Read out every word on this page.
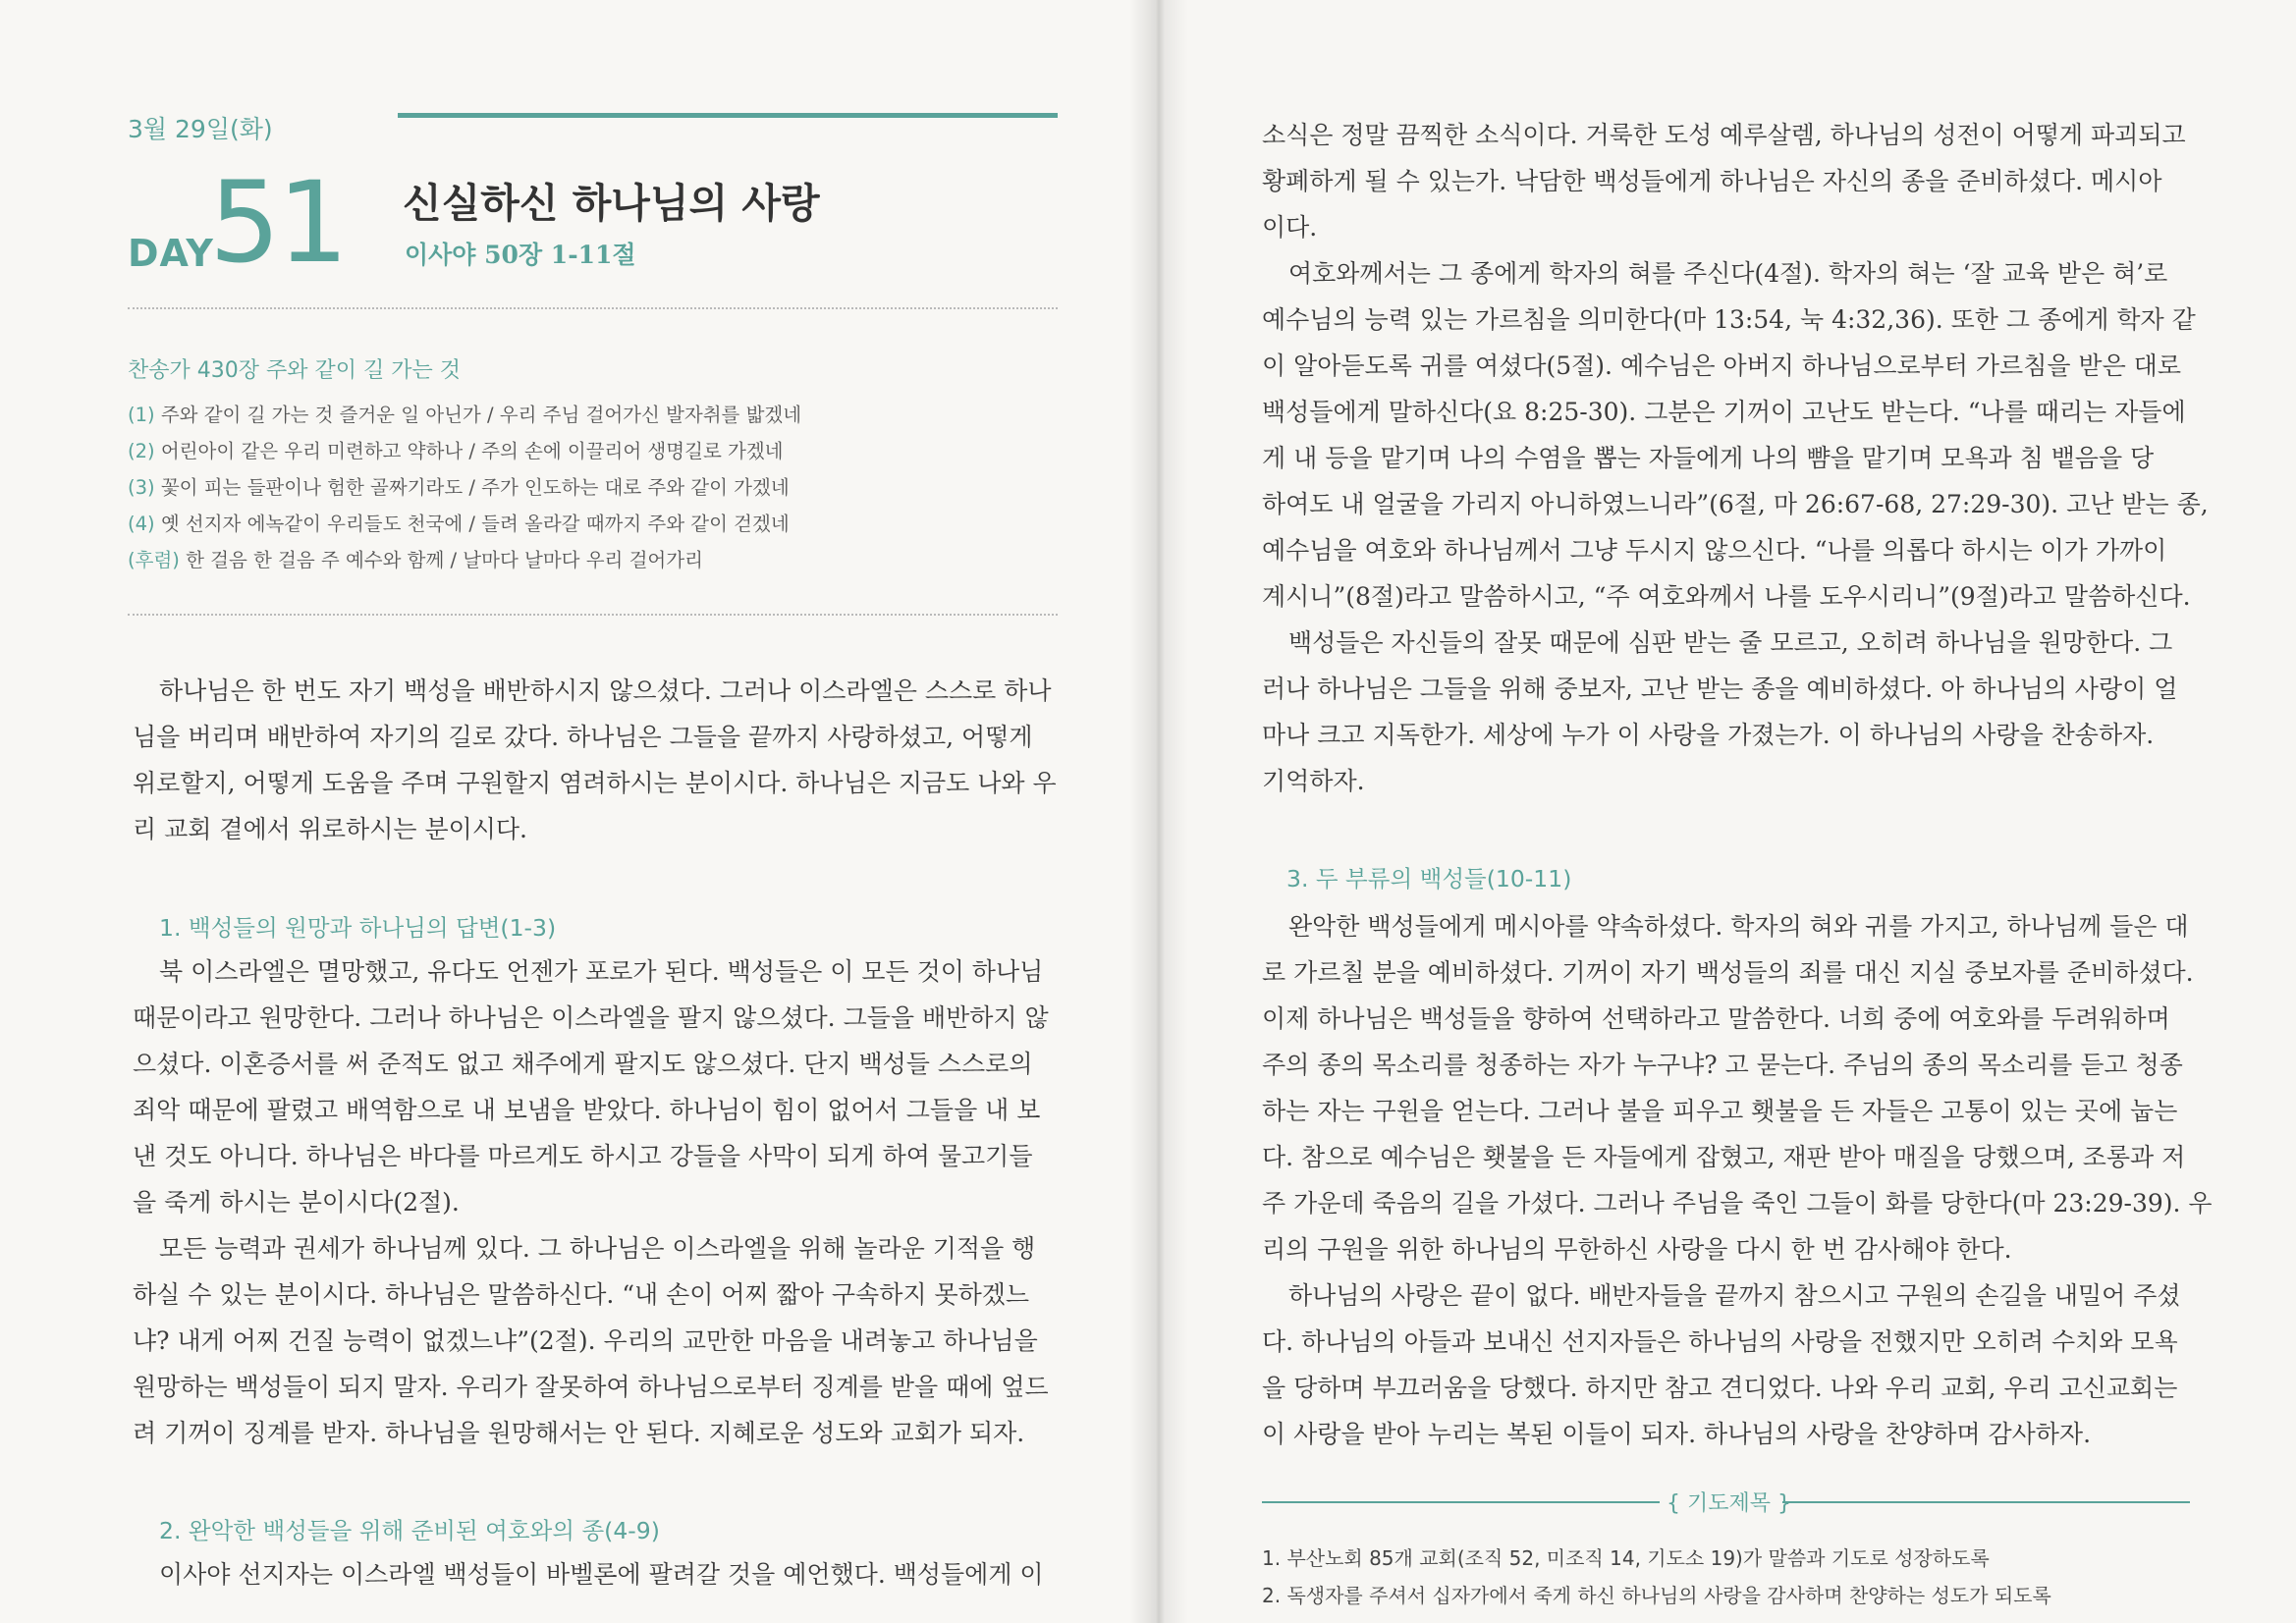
3월 29일(화)
DAY
51 신실하신 하나님의 사랑
이사야 50장 1-11절
찬송가 430장 주와 같이 길 가는 것
(1) 주와 같이 길 가는 것 즐거운 일 아닌가 / 우리 주님 걸어가신 발자취를 밟겠네
(2) 어린아이 같은 우리 미련하고 약하나 / 주의 손에 이끌리어 생명길로 가겠네
(3) 꽃이 피는 들판이나 험한 골짜기라도 / 주가 인도하는 대로 주와 같이 가겠네
(4) 옛 선지자 에녹같이 우리들도 천국에 / 들려 올라갈 때까지 주와 같이 걷겠네
(후렴) 한 걸음 한 걸음 주 예수와 함께 / 날마다 날마다 우리 걸어가리
하나님은 한 번도 자기 백성을 배반하시지 않으셨다. 그러나 이스라엘은 스스로 하나
님을 버리며 배반하여 자기의 길로 갔다. 하나님은 그들을 끝까지 사랑하셨고, 어떻게
위로할지, 어떻게 도움을 주며 구원할지 염려하시는 분이시다. 하나님은 지금도 나와 우
리 교회 곁에서 위로하시는 분이시다.
1. 백성들의 원망과 하나님의 답변(1-3)
북 이스라엘은 멸망했고, 유다도 언젠가 포로가 된다. 백성들은 이 모든 것이 하나님
때문이라고 원망한다. 그러나 하나님은 이스라엘을 팔지 않으셨다. 그들을 배반하지 않
으셨다. 이혼증서를 써 준적도 없고 채주에게 팔지도 않으셨다. 단지 백성들 스스로의
죄악 때문에 팔렸고 배역함으로 내 보냄을 받았다. 하나님이 힘이 없어서 그들을 내 보
낸 것도 아니다. 하나님은 바다를 마르게도 하시고 강들을 사막이 되게 하여 물고기들
을 죽게 하시는 분이시다(2절).
모든 능력과 권세가 하나님께 있다. 그 하나님은 이스라엘을 위해 놀라운 기적을 행
하실 수 있는 분이시다. 하나님은 말씀하신다. “내 손이 어찌 짧아 구속하지 못하겠느
냐? 내게 어찌 건질 능력이 없겠느냐”(2절). 우리의 교만한 마음을 내려놓고 하나님을
원망하는 백성들이 되지 말자. 우리가 잘못하여 하나님으로부터 징계를 받을 때에 엎드
려 기꺼이 징계를 받자. 하나님을 원망해서는 안 된다. 지혜로운 성도와 교회가 되자.
2. 완악한 백성들을 위해 준비된 여호와의 종(4-9)
이사야 선지자는 이스라엘 백성들이 바벨론에 팔려갈 것을 예언했다. 백성들에게 이
소식은 정말 끔찍한 소식이다. 거룩한 도성 예루살렘, 하나님의 성전이 어떻게 파괴되고
황폐하게 될 수 있는가. 낙담한 백성들에게 하나님은 자신의 종을 준비하셨다. 메시아
이다.
여호와께서는 그 종에게 학자의 혀를 주신다(4절). 학자의 혀는 ‘잘 교육 받은 혀’로
예수님의 능력 있는 가르침을 의미한다(마 13:54, 눅 4:32,36). 또한 그 종에게 학자 같
이 알아듣도록 귀를 여셨다(5절). 예수님은 아버지 하나님으로부터 가르침을 받은 대로
백성들에게 말하신다(요 8:25-30). 그분은 기꺼이 고난도 받는다. “나를 때리는 자들에
게 내 등을 맡기며 나의 수염을 뽑는 자들에게 나의 뺨을 맡기며 모욕과 침 뱉음을 당
하여도 내 얼굴을 가리지 아니하였느니라”(6절, 마 26:67-68, 27:29-30). 고난 받는 종,
예수님을 여호와 하나님께서 그냥 두시지 않으신다. “나를 의롭다 하시는 이가 가까이
계시니”(8절)라고 말씀하시고, “주 여호와께서 나를 도우시리니”(9절)라고 말씀하신다.
백성들은 자신들의 잘못 때문에 심판 받는 줄 모르고, 오히려 하나님을 원망한다. 그
러나 하나님은 그들을 위해 중보자, 고난 받는 종을 예비하셨다. 아 하나님의 사랑이 얼
마나 크고 지독한가. 세상에 누가 이 사랑을 가졌는가. 이 하나님의 사랑을 찬송하자.
기억하자.
3. 두 부류의 백성들(10-11)
완악한 백성들에게 메시아를 약속하셨다. 학자의 혀와 귀를 가지고, 하나님께 들은 대
로 가르칠 분을 예비하셨다. 기꺼이 자기 백성들의 죄를 대신 지실 중보자를 준비하셨다.
이제 하나님은 백성들을 향하여 선택하라고 말씀한다. 너희 중에 여호와를 두려워하며
주의 종의 목소리를 청종하는 자가 누구냐? 고 묻는다. 주님의 종의 목소리를 듣고 청종
하는 자는 구원을 얻는다. 그러나 불을 피우고 횃불을 든 자들은 고통이 있는 곳에 눕는
다. 참으로 예수님은 횃불을 든 자들에게 잡혔고, 재판 받아 매질을 당했으며, 조롱과 저
주 가운데 죽음의 길을 가셨다. 그러나 주님을 죽인 그들이 화를 당한다(마 23:29-39). 우
리의 구원을 위한 하나님의 무한하신 사랑을 다시 한 번 감사해야 한다.
하나님의 사랑은 끝이 없다. 배반자들을 끝까지 참으시고 구원의 손길을 내밀어 주셨
다. 하나님의 아들과 보내신 선지자들은 하나님의 사랑을 전했지만 오히려 수치와 모욕
을 당하며 부끄러움을 당했다. 하지만 참고 견디었다. 나와 우리 교회, 우리 고신교회는
이 사랑을 받아 누리는 복된 이들이 되자. 하나님의 사랑을 찬양하며 감사하자.
{ 기도제목 }
1. 부산노회 85개 교회(조직 52, 미조직 14, 기도소 19)가 말씀과 기도로 성장하도록
2. 독생자를 주셔서 십자가에서 죽게 하신 하나님의 사랑을 감사하며 찬양하는 성도가 되도록
